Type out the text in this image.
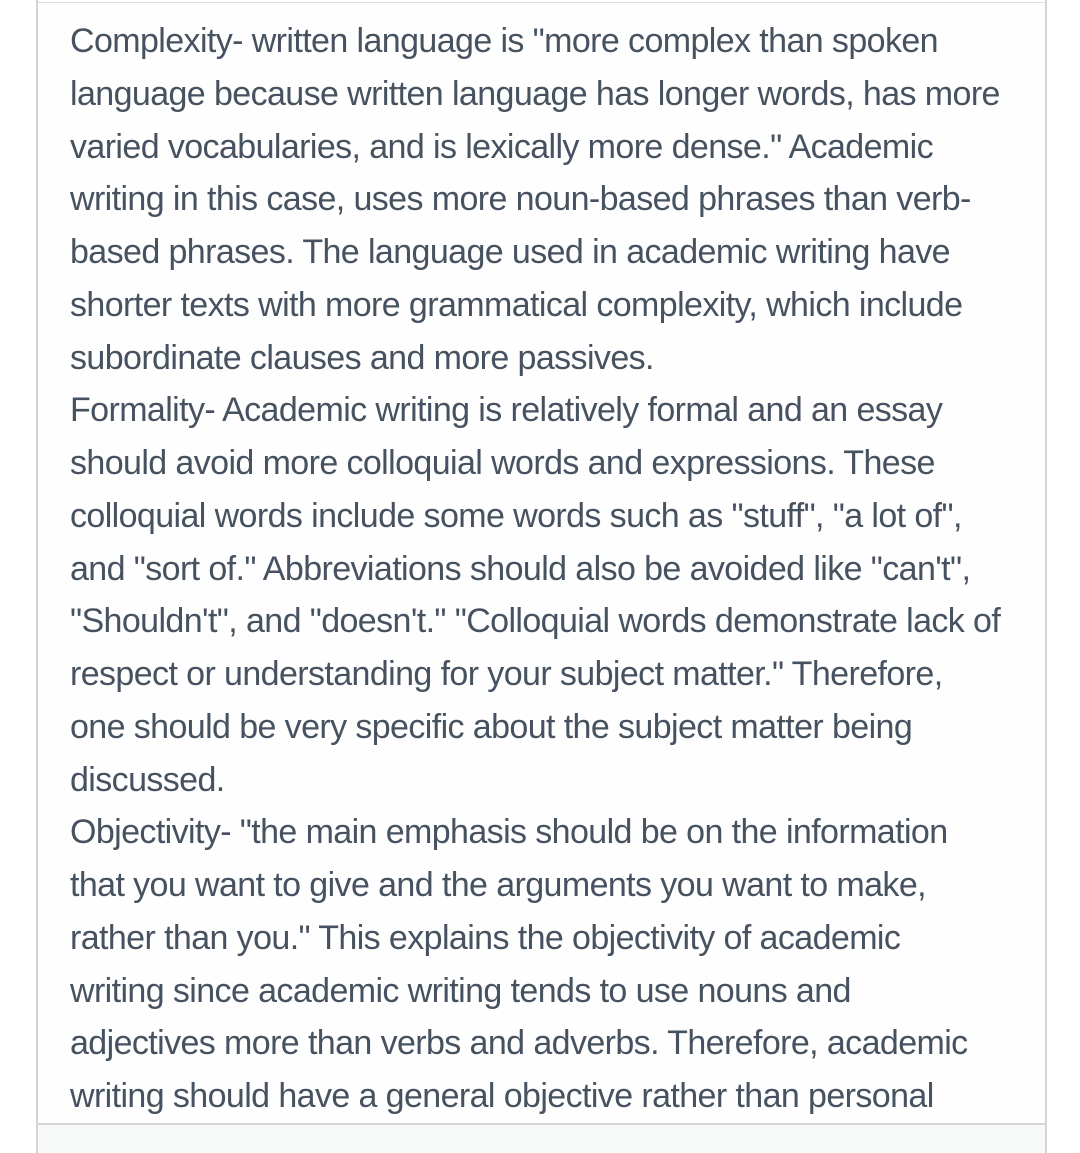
Complexity- written language is "more complex than spoken
language because written language has longer words, has more
varied vocabularies, and is lexically more dense." Academic
writing in this case, uses more noun-based phrases than verb-
based phrases. The language used in academic writing have
shorter texts with more grammatical complexity, which include
subordinate clauses and more passives.
Formality- Academic writing is relatively formal and an essay
should avoid more colloquial words and expressions. These
colloquial words include some words such as "stuff", "a lot of",
and "sort of." Abbreviations should also be avoided like "can't",
"Shouldn't", and "doesn't." "Colloquial words demonstrate lack of
respect or understanding for your subject matter." Therefore,
one should be very specific about the subject matter being
discussed.
Objectivity- "the main emphasis should be on the information
that you want to give and the arguments you want to make,
rather than you." This explains the objectivity of academic
writing since academic writing tends to use nouns and
adjectives more than verbs and adverbs. Therefore, academic
writing should have a general objective rather than personal
